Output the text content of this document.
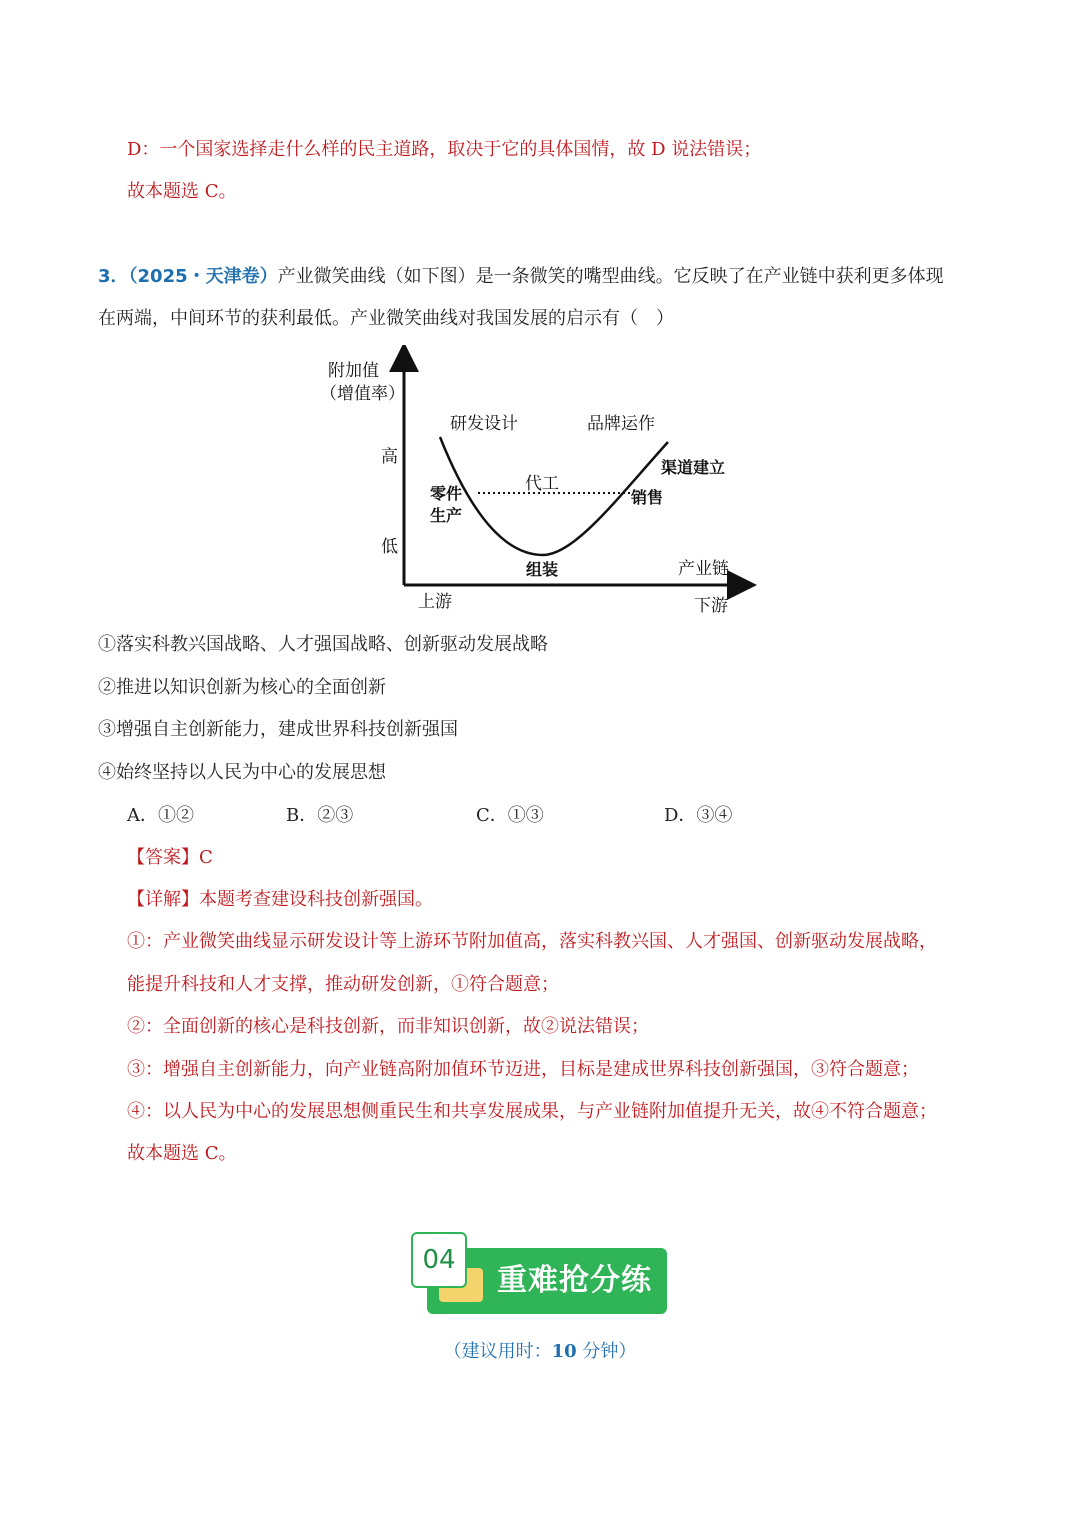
D：一个国家选择走什么样的民主道路，取决于它的具体国情，故 D 说法错误；
故本题选 C。
3．（2025・天津卷）产业微笑曲线（如下图）是一条微笑的嘴型曲线。它反映了在产业链中获利更多体现
在两端，中间环节的获利最低。产业微笑曲线对我国发展的启示有（　）
附加值
（增值率）
高
低
研发设计	品牌运作
渠道建立
代工
零件
生产
销售
组装	产业链
上游	下游
①落实科教兴国战略、人才强国战略、创新驱动发展战略
②推进以知识创新为核心的全面创新
③增强自主创新能力，建成世界科技创新强国
④始终坚持以人民为中心的发展思想
A．①②	B．②③	C．①③	D．③④
【答案】C
【详解】本题考查建设科技创新强国。
①：产业微笑曲线显示研发设计等上游环节附加值高，落实科教兴国、人才强国、创新驱动发展战略，
能提升科技和人才支撑，推动研发创新，①符合题意；
②：全面创新的核心是科技创新，而非知识创新，故②说法错误；
③：增强自主创新能力，向产业链高附加值环节迈进，目标是建成世界科技创新强国，③符合题意；
④：以人民为中心的发展思想侧重民生和共享发展成果，与产业链附加值提升无关，故④不符合题意；
故本题选 C。
重难抢分练
04
（建议用时：10 分钟）
